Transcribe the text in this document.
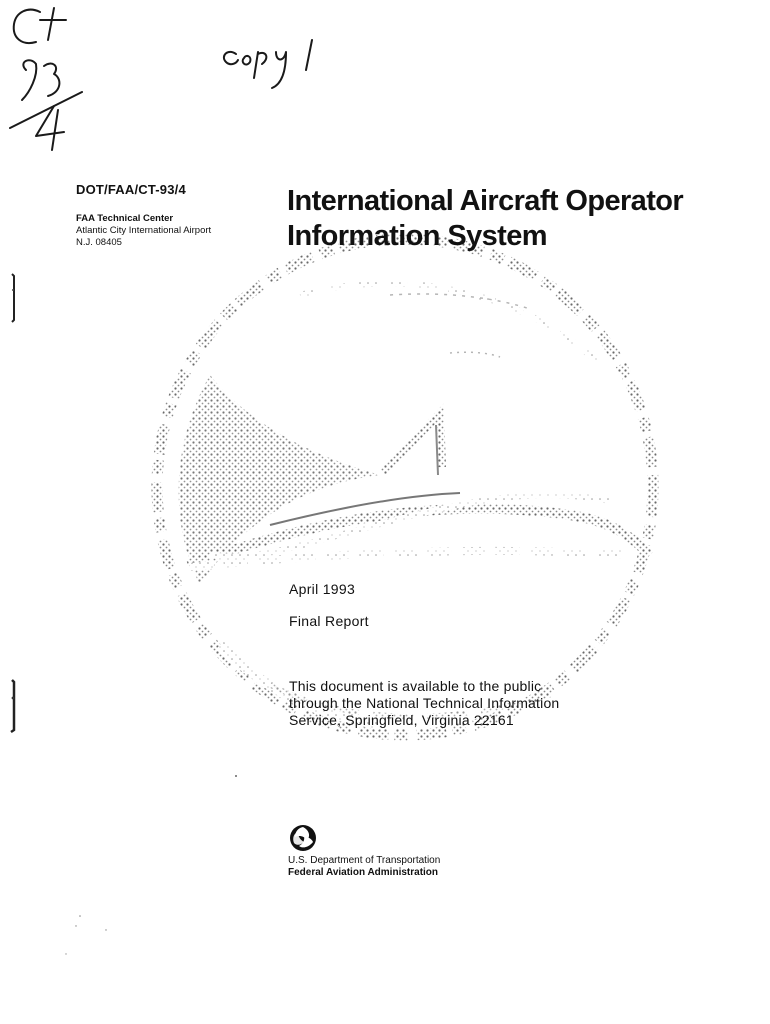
DOT/FAA/CT-93/4
FAA Technical Center
Atlantic City International Airport
N.J. 08405
International Aircraft Operator
Information System
April 1993
Final Report
This document is available to the public
through the National Technical Information
Service, Springfield, Virginia 22161
U.S. Department of Transportation
Federal Aviation Administration
